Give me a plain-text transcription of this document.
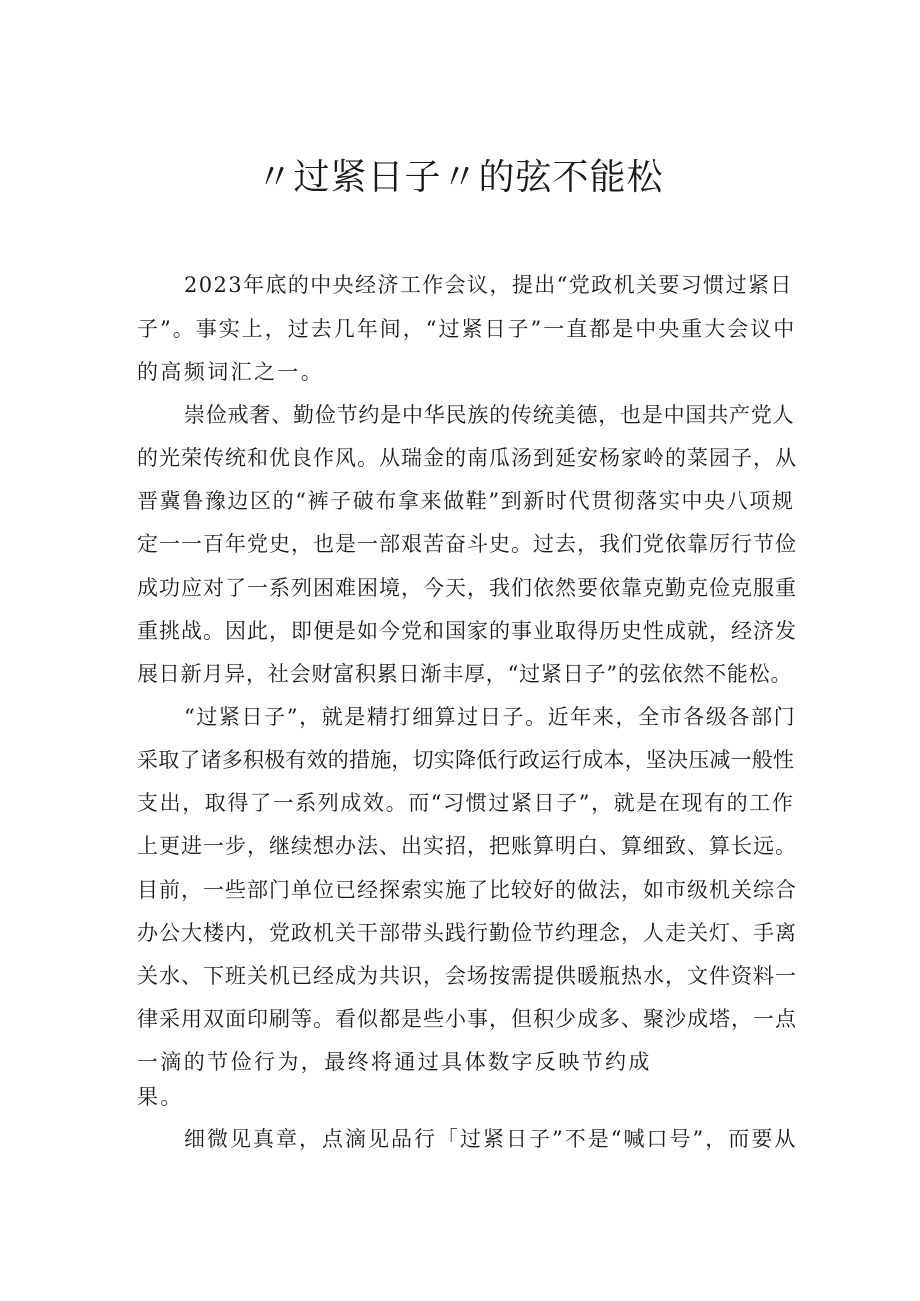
〃过紧日子〃的弦不能松
2023年底的中央经济工作会议，提出“党政机关要习惯过紧日
子”。事实上，过去几年间，“过紧日子”一直都是中央重大会议中
的高频词汇之一。
崇俭戒奢、勤俭节约是中华民族的传统美德，也是中国共产党人
的光荣传统和优良作风。从瑞金的南瓜汤到延安杨家岭的菜园子，从
晋冀鲁豫边区的“裤子破布拿来做鞋”到新时代贯彻落实中央八项规
定一一百年党史，也是一部艰苦奋斗史。过去，我们党依靠厉行节俭
成功应对了一系列困难困境，今天，我们依然要依靠克勤克俭克服重
重挑战。因此，即便是如今党和国家的事业取得历史性成就，经济发
展日新月异，社会财富积累日渐丰厚，“过紧日子”的弦依然不能松。
“过紧日子”，就是精打细算过日子。近年来，全市各级各部门
采取了诸多积极有效的措施，切实降低行政运行成本，坚决压减一般性
支出，取得了一系列成效。而“习惯过紧日子”，就是在现有的工作
上更进一步，继续想办法、出实招，把账算明白、算细致、算长远。
目前，一些部门单位已经探索实施了比较好的做法，如市级机关综合
办公大楼内，党政机关干部带头践行勤俭节约理念，人走关灯、手离
关水、下班关机已经成为共识，会场按需提供暖瓶热水，文件资料一
律采用双面印刷等。看似都是些小事，但积少成多、聚沙成塔，一点
一滴的节俭行为，最终将通过具体数字反映节约成
果。
细微见真章，点滴见品行「过紧日子”不是“喊口号”，而要从
